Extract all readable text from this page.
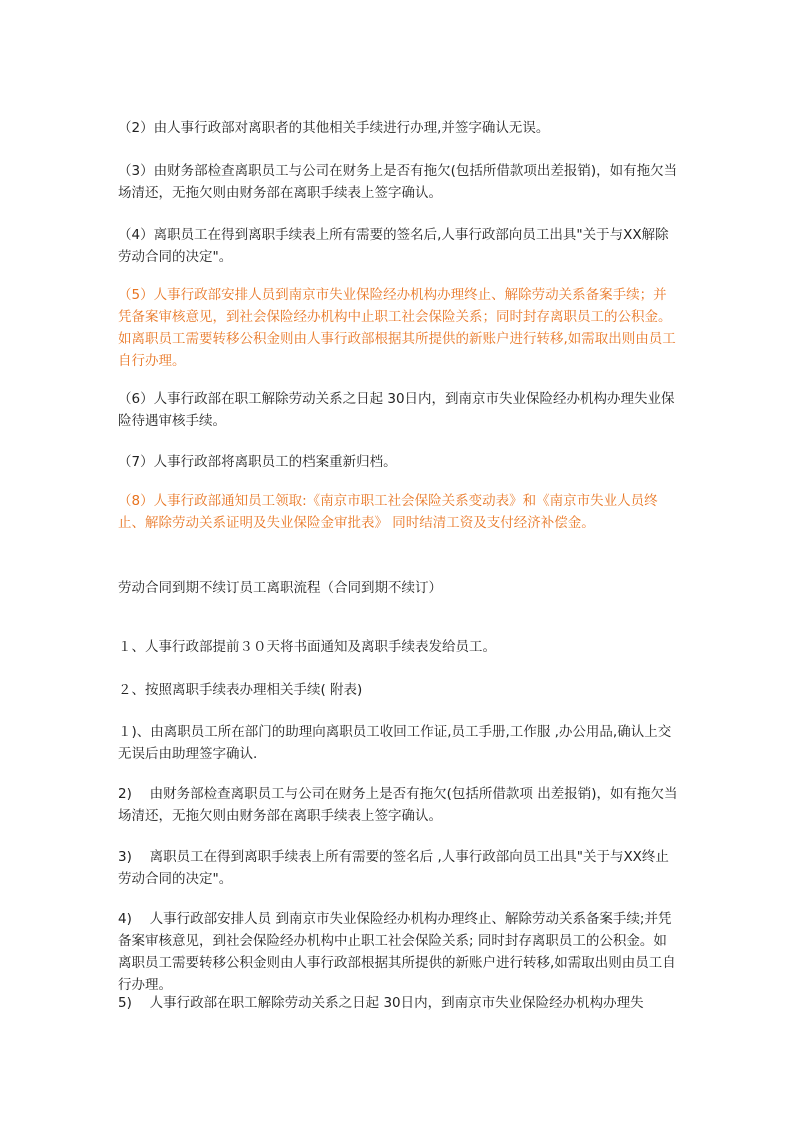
（2）由人事行政部对离职者的其他相关手续进行办理,并签字确认无误。

（3）由财务部检查离职员工与公司在财务上是否有拖欠(包括所借款项出差报销)，如有拖欠当场清还，无拖欠则由财务部在离职手续表上签字确认。

（4）离职员工在得到离职手续表上所有需要的签名后,人事行政部向员工出具"关于与XX解除劳动合同的决定"。

（5）人事行政部安排人员到南京市失业保险经办机构办理终止、解除劳动关系备案手续；并凭备案审核意见，到社会保险经办机构中止职工社会保险关系；同时封存离职员工的公积金。如离职员工需要转移公积金则由人事行政部根据其所提供的新账户进行转移,如需取出则由员工自行办理。

（6）人事行政部在职工解除劳动关系之日起 30日内，到南京市失业保险经办机构办理失业保险待遇审核手续。

（7）人事行政部将离职员工的档案重新归档。

（8）人事行政部通知员工领取:《南京市职工社会保险关系变动表》和《南京市失业人员终止、解除劳动关系证明及失业保险金审批表》 同时结清工资及支付经济补偿金。

劳动合同到期不续订员工离职流程（合同到期不续订）

１、人事行政部提前３０天将书面通知及离职手续表发给员工。

２、按照离职手续表办理相关手续( 附表)

１)、由离职员工所在部门的助理向离职员工收回工作证,员工手册,工作服 ,办公用品,确认上交无误后由助理签字确认.

2)　 由财务部检查离职员工与公司在财务上是否有拖欠(包括所借款项 出差报销)，如有拖欠当场清还，无拖欠则由财务部在离职手续表上签字确认。

3)　 离职员工在得到离职手续表上所有需要的签名后 ,人事行政部向员工出具"关于与XX终止劳动合同的决定"。

4)　 人事行政部安排人员 到南京市失业保险经办机构办理终止、解除劳动关系备案手续;并凭备案审核意见，到社会保险经办机构中止职工社会保险关系; 同时封存离职员工的公积金。如离职员工需要转移公积金则由人事行政部根据其所提供的新账户进行转移,如需取出则由员工自行办理。

5)　 人事行政部在职工解除劳动关系之日起 30日内，到南京市失业保险经办机构办理失
